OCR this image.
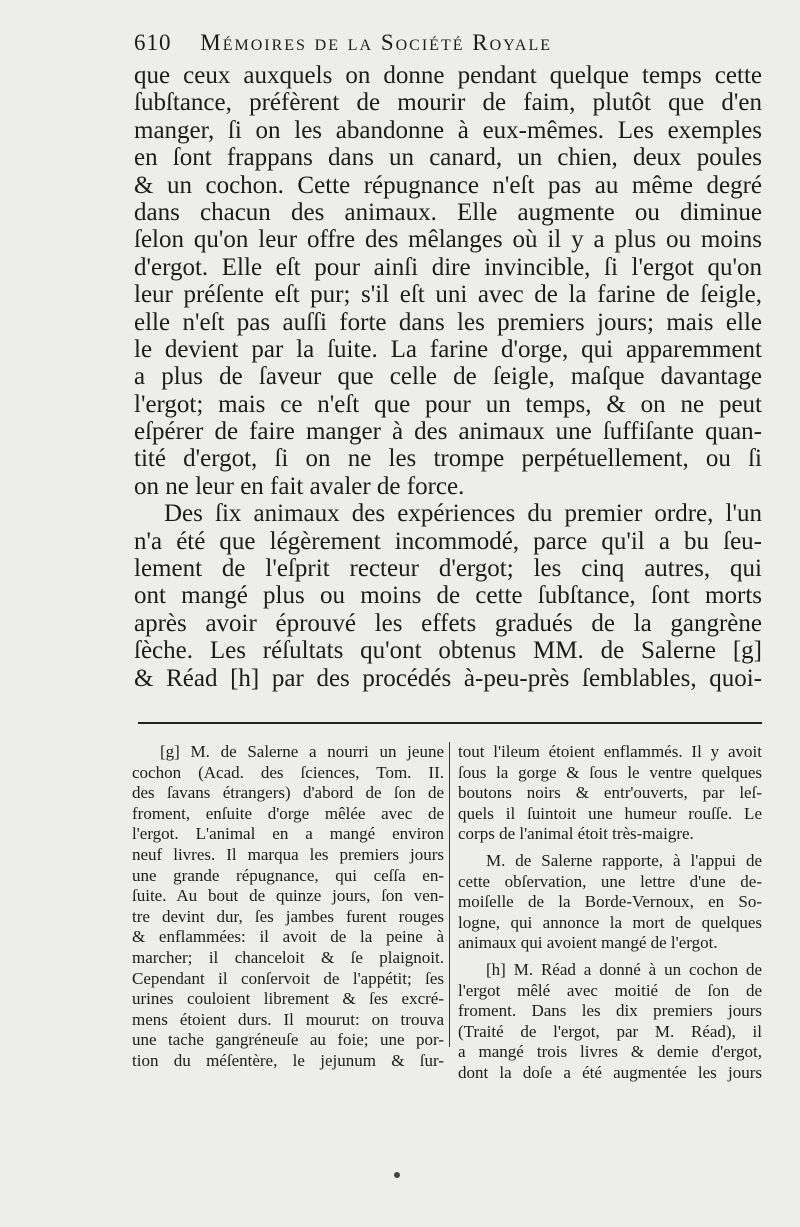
610 Mémoires de la Société Royale
que ceux auxquels on donne pendant quelque temps cette
ſubſtance, préfèrent de mourir de faim, plutôt que d'en
manger, ſi on les abandonne à eux-mêmes. Les exemples
en ſont frappans dans un canard, un chien, deux poules
& un cochon. Cette répugnance n'eſt pas au même degré
dans chacun des animaux. Elle augmente ou diminue
ſelon qu'on leur offre des mêlanges où il y a plus ou moins
d'ergot. Elle eſt pour ainſi dire invincible, ſi l'ergot qu'on
leur préſente eſt pur; s'il eſt uni avec de la farine de ſeigle,
elle n'eſt pas auſſi forte dans les premiers jours; mais elle
le devient par la ſuite. La farine d'orge, qui apparemment
a plus de ſaveur que celle de ſeigle, maſque davantage
l'ergot; mais ce n'eſt que pour un temps, & on ne peut
eſpérer de faire manger à des animaux une ſuffiſante quan-
tité d'ergot, ſi on ne les trompe perpétuellement, ou ſi
on ne leur en fait avaler de force.
Des ſix animaux des expériences du premier ordre, l'un
n'a été que légèrement incommodé, parce qu'il a bu ſeu-
lement de l'eſprit recteur d'ergot; les cinq autres, qui
ont mangé plus ou moins de cette ſubſtance, ſont morts
après avoir éprouvé les effets gradués de la gangrène
ſèche. Les réſultats qu'ont obtenus MM. de Salerne [g]
& Réad [h] par des procédés à-peu-près ſemblables, quoi-
[g] M. de Salerne a nourri un jeune
cochon (Acad. des ſciences, Tom. II.
des ſavans étrangers) d'abord de ſon de
froment, enſuite d'orge mêlée avec de
l'ergot. L'animal en a mangé environ
neuf livres. Il marqua les premiers jours
une grande répugnance, qui ceſſa en-
ſuite. Au bout de quinze jours, ſon ven-
tre devint dur, ſes jambes furent rouges
& enflammées: il avoit de la peine à
marcher; il chanceloit & ſe plaignoit.
Cependant il conſervoit de l'appétit; ſes
urines couloient librement & ſes excré-
mens étoient durs. Il mourut: on trouva
une tache gangréneuſe au foie; une por-
tion du méſentère, le jejunum & ſur-
tout l'ileum étoient enflammés. Il y avoit
ſous la gorge & ſous le ventre quelques
boutons noirs & entr'ouverts, par leſ-
quels il ſuintoit une humeur rouſſe. Le
corps de l'animal étoit très-maigre.
M. de Salerne rapporte, à l'appui de
cette obſervation, une lettre d'une de-
moiſelle de la Borde-Vernoux, en So-
logne, qui annonce la mort de quelques
animaux qui avoient mangé de l'ergot.
[h] M. Réad a donné à un cochon de
l'ergot mêlé avec moitié de ſon de
froment. Dans les dix premiers jours
(Traité de l'ergot, par M. Réad), il
a mangé trois livres & demie d'ergot,
dont la doſe a été augmentée les jours
